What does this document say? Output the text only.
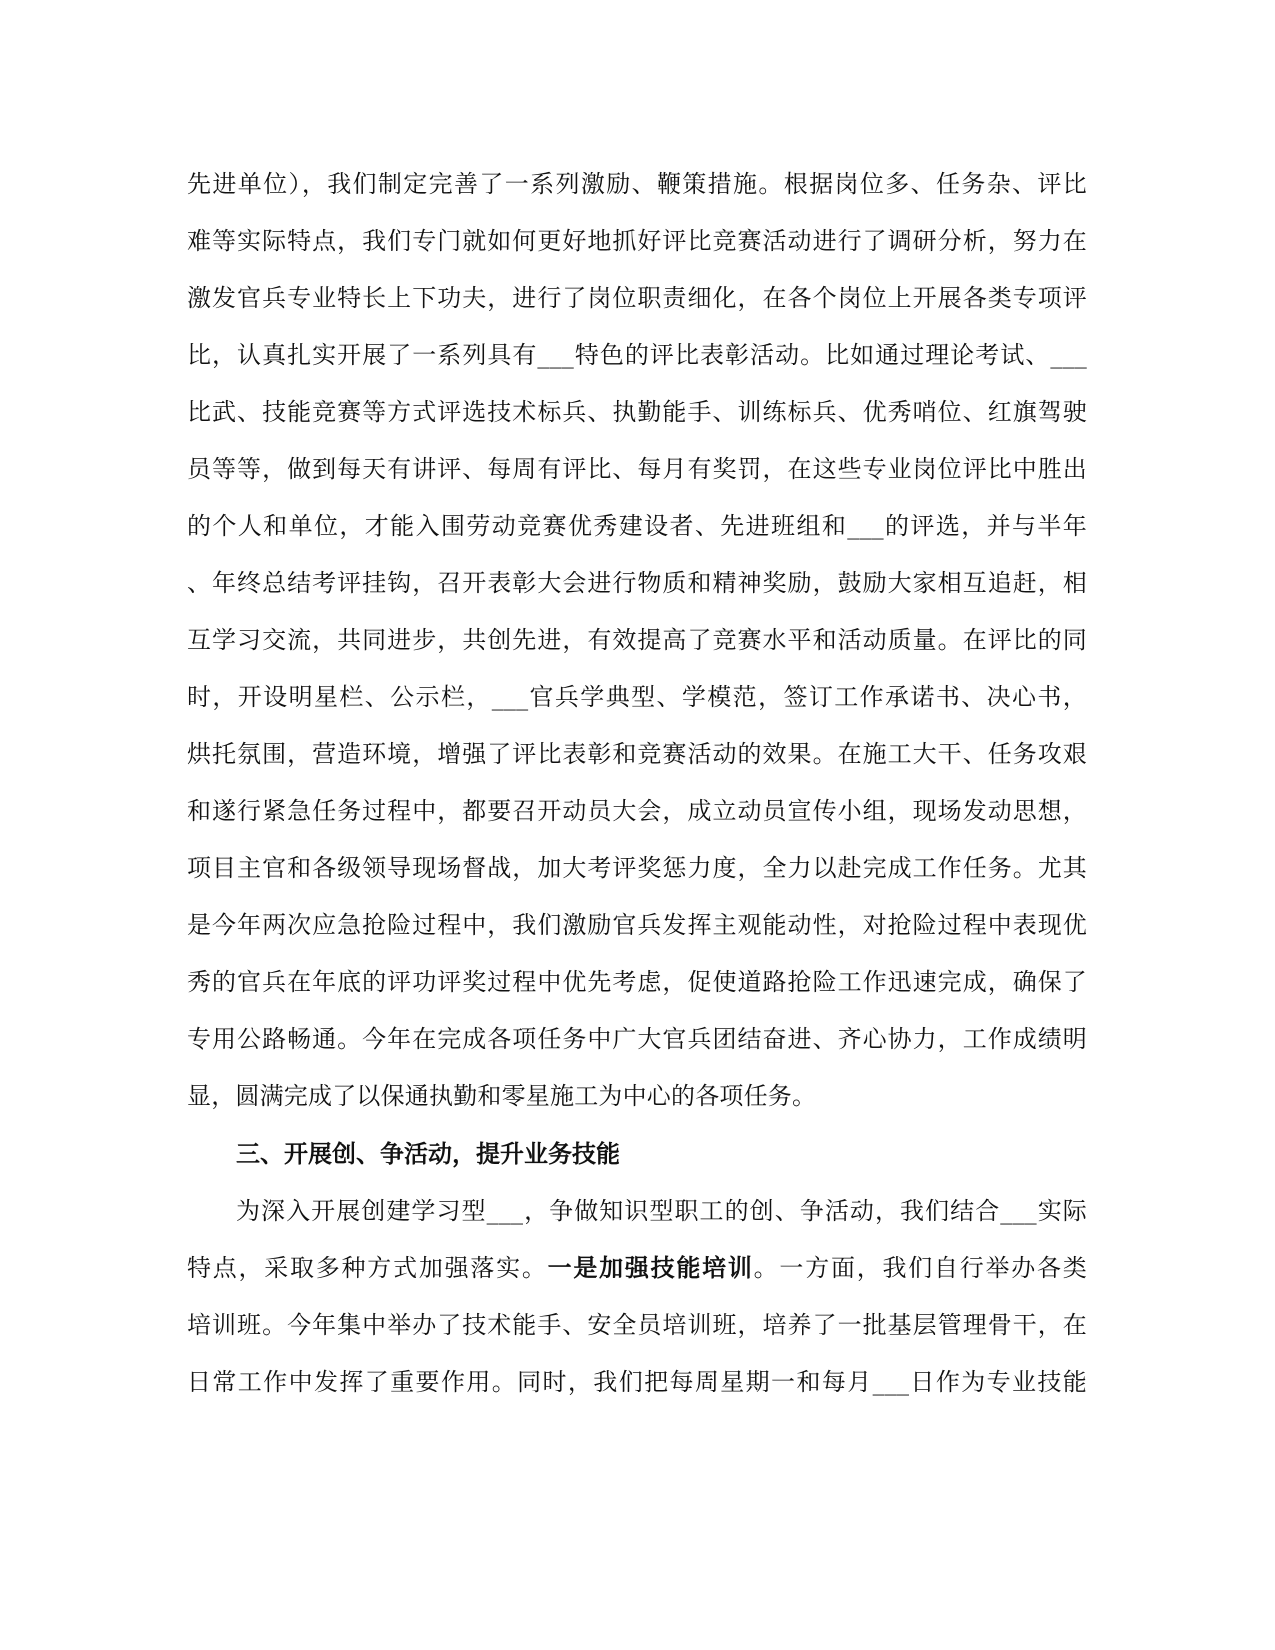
先进单位），我们制定完善了一系列激励、鞭策措施。根据岗位多、任务杂、评比
难等实际特点，我们专门就如何更好地抓好评比竞赛活动进行了调研分析，努力在
激发官兵专业特长上下功夫，进行了岗位职责细化，在各个岗位上开展各类专项评
比，认真扎实开展了一系列具有___特色的评比表彰活动。比如通过理论考试、___
比武、技能竞赛等方式评选技术标兵、执勤能手、训练标兵、优秀哨位、红旗驾驶
员等等，做到每天有讲评、每周有评比、每月有奖罚，在这些专业岗位评比中胜出
的个人和单位，才能入围劳动竞赛优秀建设者、先进班组和___的评选，并与半年
、年终总结考评挂钩，召开表彰大会进行物质和精神奖励，鼓励大家相互追赶，相
互学习交流，共同进步，共创先进，有效提高了竞赛水平和活动质量。在评比的同
时，开设明星栏、公示栏，___官兵学典型、学模范，签订工作承诺书、决心书，
烘托氛围，营造环境，增强了评比表彰和竞赛活动的效果。在施工大干、任务攻艰
和遂行紧急任务过程中，都要召开动员大会，成立动员宣传小组，现场发动思想，
项目主官和各级领导现场督战，加大考评奖惩力度，全力以赴完成工作任务。尤其
是今年两次应急抢险过程中，我们激励官兵发挥主观能动性，对抢险过程中表现优
秀的官兵在年底的评功评奖过程中优先考虑，促使道路抢险工作迅速完成，确保了
专用公路畅通。今年在完成各项任务中广大官兵团结奋进、齐心协力，工作成绩明
显，圆满完成了以保通执勤和零星施工为中心的各项任务。
三、开展创、争活动，提升业务技能
为深入开展创建学习型___，争做知识型职工的创、争活动，我们结合___实际
特点，采取多种方式加强落实。一是加强技能培训。一方面，我们自行举办各类
培训班。今年集中举办了技术能手、安全员培训班，培养了一批基层管理骨干，在
日常工作中发挥了重要作用。同时，我们把每周星期一和每月___日作为专业技能
